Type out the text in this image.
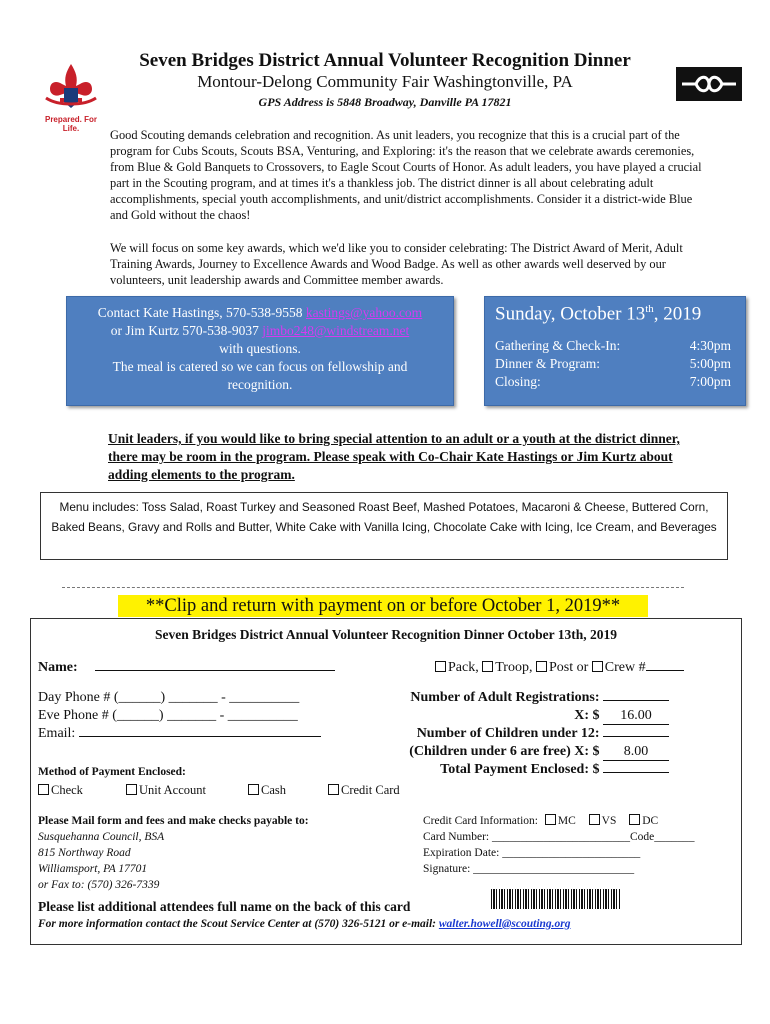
Prepared. For Life.
Seven Bridges District Annual Volunteer Recognition Dinner
Montour-Delong Community Fair Washingtonville, PA
GPS Address is 5848 Broadway, Danville PA 17821
Good Scouting demands celebration and recognition. As unit leaders, you recognize that this is a crucial part of the program for Cubs Scouts, Scouts BSA, Venturing, and Exploring: it's the reason that we celebrate awards ceremonies, from Blue & Gold Banquets to Crossovers, to Eagle Scout Courts of Honor. As adult leaders, you have played a crucial part in the Scouting program, and at times it's a thankless job. The district dinner is all about celebrating adult accomplishments, special youth accomplishments, and unit/district accomplishments. Consider it a district-wide Blue and Gold without the chaos!
We will focus on some key awards, which we'd like you to consider celebrating: The District Award of Merit, Adult Training Awards, Journey to Excellence Awards and Wood Badge. As well as other awards well deserved by our volunteers, unit leadership awards and Committee member awards.
Contact Kate Hastings, 570-538-9558 kastings@yahoo.com
or Jim Kurtz 570-538-9037 jimbo248@windstream.net
with questions.
The meal is catered so we can focus on fellowship and recognition.
Sunday, October 13th, 2019
Gathering & Check-In:	4:30pm
Dinner & Program:	5:00pm
Closing:	7:00pm
Unit leaders, if you would like to bring special attention to an adult or a youth at the district dinner, there may be room in the program. Please speak with Co-Chair Kate Hastings or Jim Kurtz about adding elements to the program.
Menu includes: Toss Salad, Roast Turkey and Seasoned Roast Beef, Mashed Potatoes, Macaroni & Cheese, Buttered Corn, Baked Beans, Gravy and Rolls and Butter, White Cake with Vanilla Icing, Chocolate Cake with Icing, Ice Cream, and Beverages
**Clip and return with payment on or before October 1, 2019**
Seven Bridges District Annual Volunteer Recognition Dinner October 13th, 2019
Name:	Pack, Troop, Post or Crew #
Day Phone # (______) _______ - __________
Eve Phone # (______) _______ - __________
Email:
Number of Adult Registrations:
X: $ 16.00
Number of Children under 12:
(Children under 6 are free) X: $ 8.00
Total Payment Enclosed: $
Method of Payment Enclosed:
Check	Unit Account	Cash	Credit Card
Please Mail form and fees and make checks payable to:
Susquehanna Council, BSA
815 Northway Road
Williamsport, PA 17701
or Fax to: (570) 326-7339
Credit Card Information: MC VS DC
Card Number: ________________________Code_______
Expiration Date: ________________________
Signature: ____________________________
Please list additional attendees full name on the back of this card
For more information contact the Scout Service Center at (570) 326-5121 or e-mail: walter.howell@scouting.org
